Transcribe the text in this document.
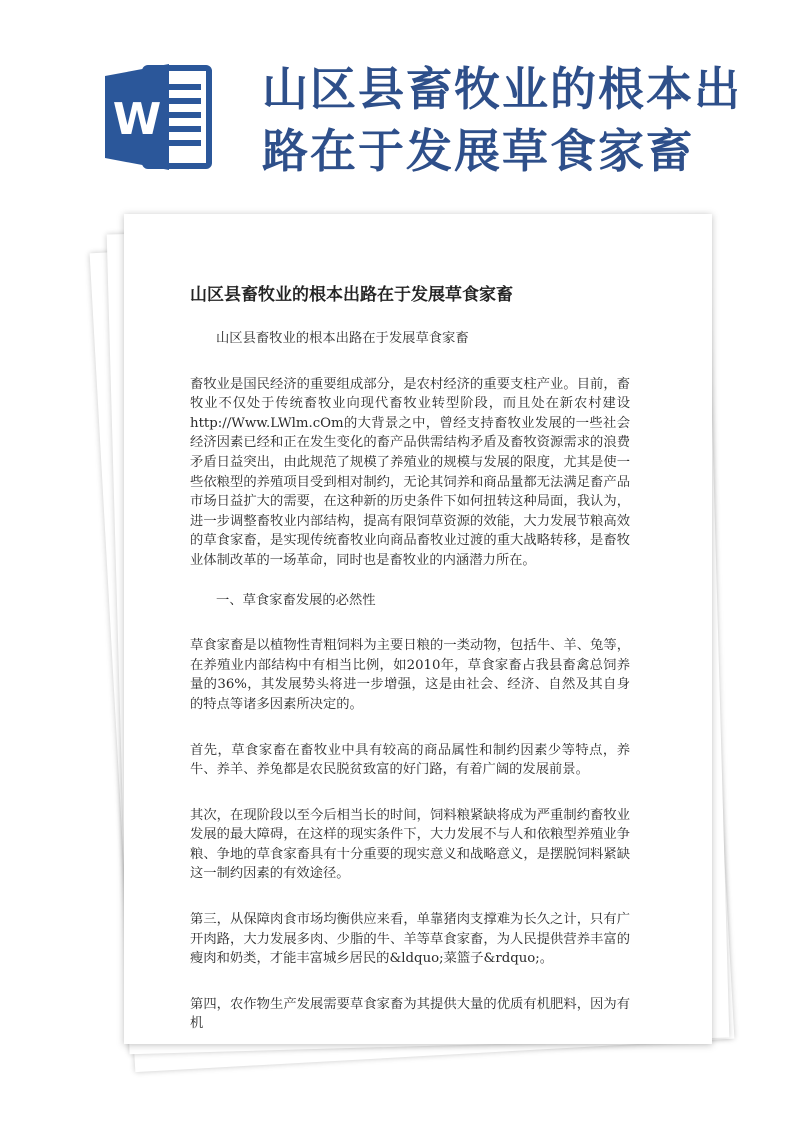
W
山区县畜牧业的根本出路在于发展草食家畜
山区县畜牧业的根本出路在于发展草食家畜
山区县畜牧业的根本出路在于发展草食家畜
畜牧业是国民经济的重要组成部分，是农村经济的重要支柱产业。目前，畜牧业不仅处于传统畜牧业向现代畜牧业转型阶段，而且处在新农村建设http://Www.LWlm.cOm的大背景之中，曾经支持畜牧业发展的一些社会经济因素已经和正在发生变化的畜产品供需结构矛盾及畜牧资源需求的浪费矛盾日益突出，由此规范了规模了养殖业的规模与发展的限度，尤其是使一些依粮型的养殖项目受到相对制约，无论其饲养和商品量都无法满足畜产品市场日益扩大的需要，在这种新的历史条件下如何扭转这种局面，我认为，进一步调整畜牧业内部结构，提高有限饲草资源的效能，大力发展节粮高效的草食家畜，是实现传统畜牧业向商品畜牧业过渡的重大战略转移，是畜牧业体制改革的一场革命，同时也是畜牧业的内涵潜力所在。
一、草食家畜发展的必然性
草食家畜是以植物性青粗饲料为主要日粮的一类动物，包括牛、羊、兔等，在养殖业内部结构中有相当比例，如2010年，草食家畜占我县畜禽总饲养量的36%，其发展势头将进一步增强，这是由社会、经济、自然及其自身的特点等诸多因素所决定的。
首先，草食家畜在畜牧业中具有较高的商品属性和制约因素少等特点，养牛、养羊、养兔都是农民脱贫致富的好门路，有着广阔的发展前景。
其次，在现阶段以至今后相当长的时间，饲料粮紧缺将成为严重制约畜牧业发展的最大障碍，在这样的现实条件下，大力发展不与人和依粮型养殖业争粮、争地的草食家畜具有十分重要的现实意义和战略意义，是摆脱饲料紧缺这一制约因素的有效途径。
第三，从保障肉食市场均衡供应来看，单靠猪肉支撑难为长久之计，只有广开肉路，大力发展多肉、少脂的牛、羊等草食家畜，为人民提供营养丰富的瘦肉和奶类，才能丰富城乡居民的&ldquo;菜篮子&rdquo;。
第四，农作物生产发展需要草食家畜为其提供大量的优质有机肥料，因为有机
